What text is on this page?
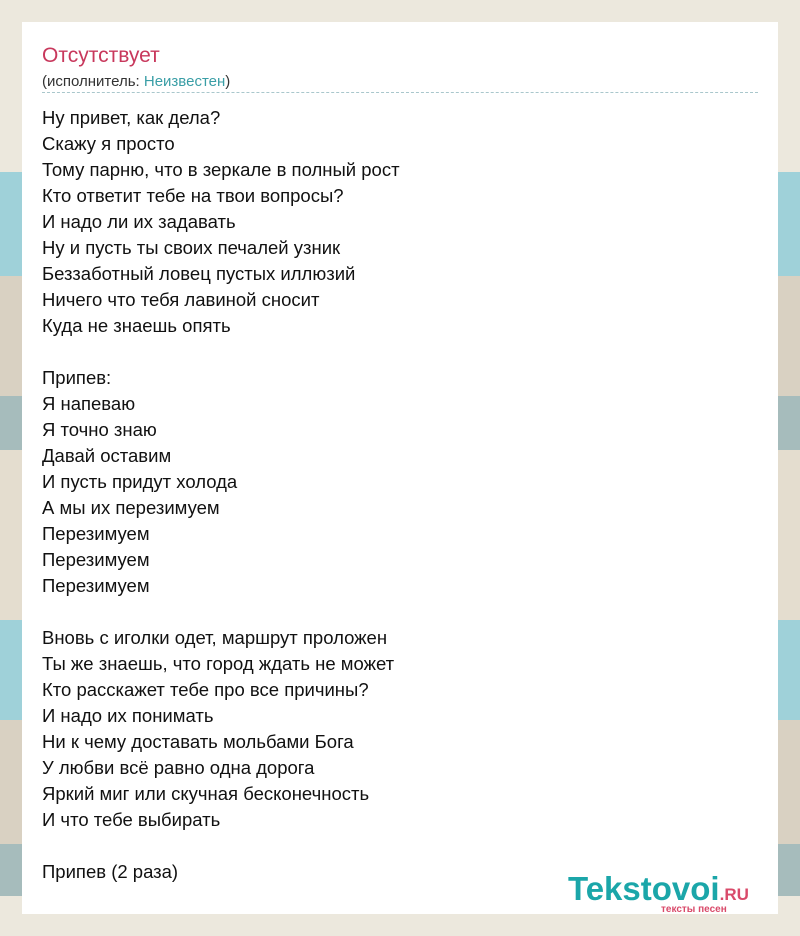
Отсутствует
(исполнитель: Неизвестен)
Ну привет, как дела?
Скажу я просто
Тому парню, что в зеркале в полный рост
Кто ответит тебе на твои вопросы?
И надо ли их задавать
Ну и пусть ты своих печалей узник
Беззаботный ловец пустых иллюзий
Ничего что тебя лавиной сносит
Куда не знаешь опять
Припев:
Я напеваю
Я точно знаю
Давай оставим
И пусть придут холода
А мы их перезимуем
Перезимуем
Перезимуем
Перезимуем
Вновь с иголки одет, маршрут проложен
Ты же знаешь, что город ждать не может
Кто расскажет тебе про все причины?
И надо их понимать
Ни к чему доставать мольбами Бога
У любви всё равно одна дорога
Яркий миг или скучная бесконечность
И что тебе выбирать
Припев (2 раза)	Tekstovoi.RU
тексты песен
